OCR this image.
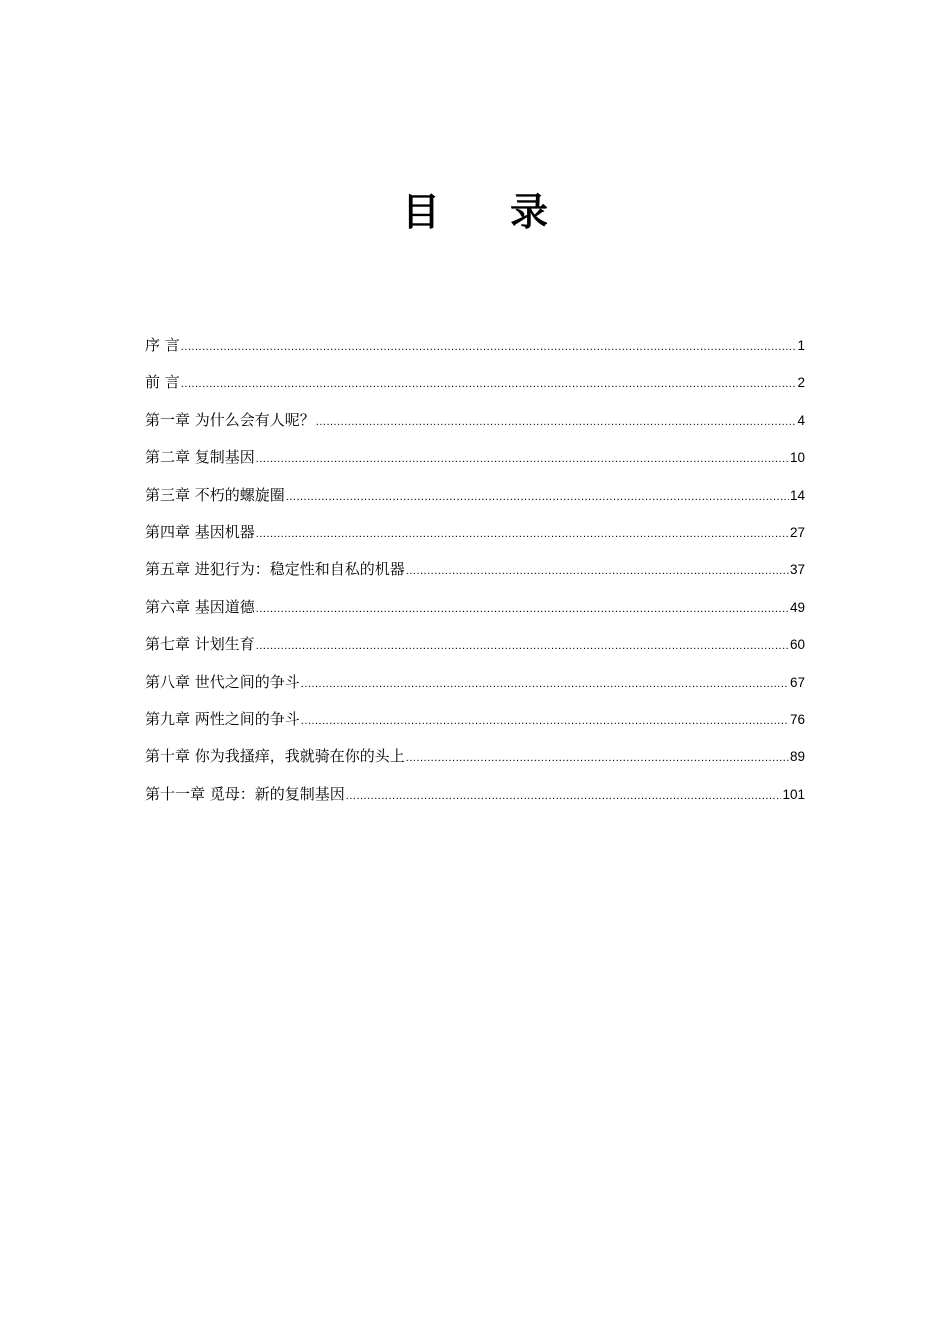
目 录
序 言 .....	1
前 言 .....	2
第一章 为什么会有人呢？ .....	4
第二章 复制基因 .....	10
第三章 不朽的螺旋圈 .....	14
第四章 基因机器 .....	27
第五章 进犯行为：稳定性和自私的机器 .....	37
第六章 基因道德 .....	49
第七章 计划生育 .....	60
第八章 世代之间的争斗 .....	67
第九章 两性之间的争斗 .....	76
第十章 你为我搔痒，我就骑在你的头上 .....	89
第十一章 觅母：新的复制基因 .....	101
